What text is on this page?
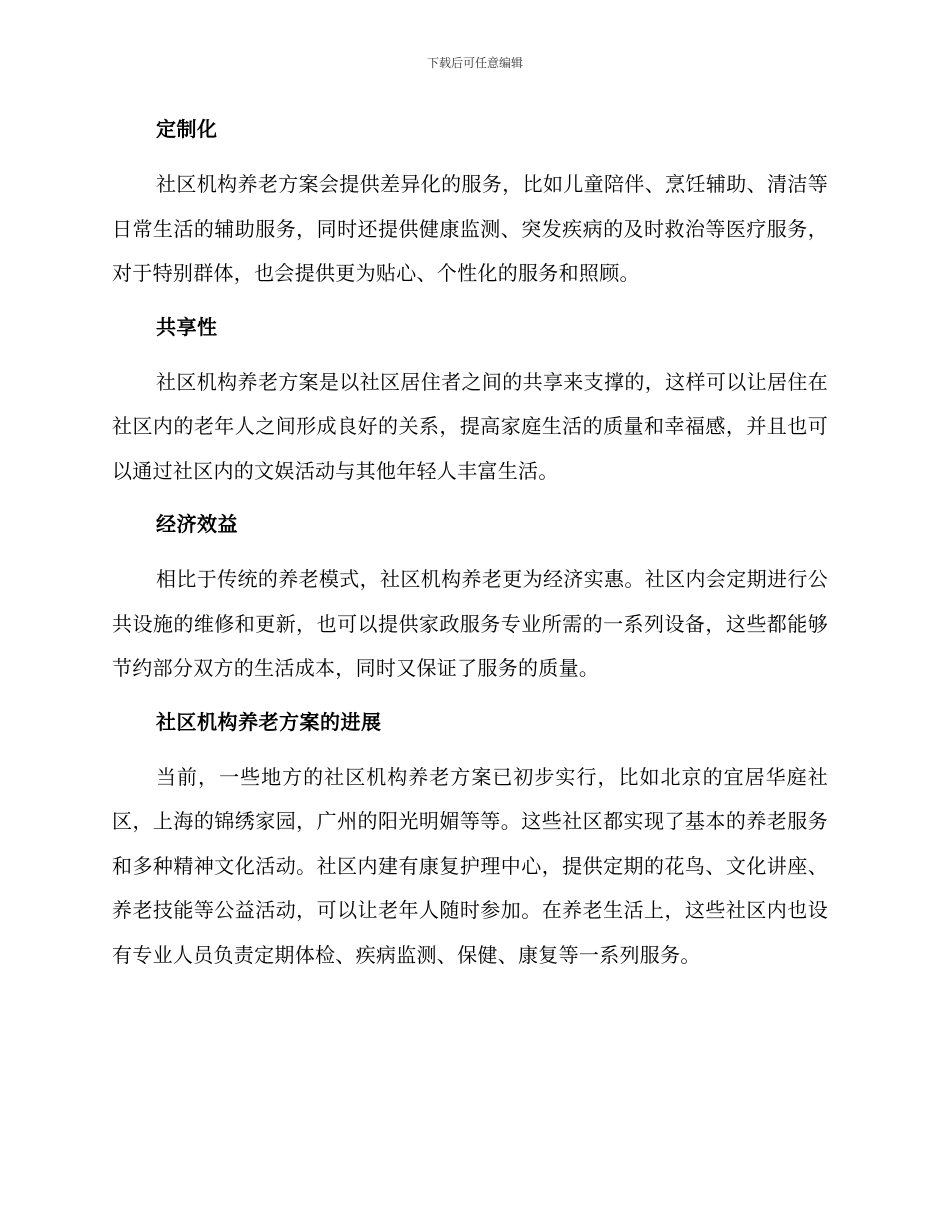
下载后可任意编辑
定制化

社区机构养老方案会提供差异化的服务，比如儿童陪伴、烹饪辅助、清洁等日常生活的辅助服务，同时还提供健康监测、突发疾病的及时救治等医疗服务，对于特别群体，也会提供更为贴心、个性化的服务和照顾。

共享性

社区机构养老方案是以社区居住者之间的共享来支撑的，这样可以让居住在社区内的老年人之间形成良好的关系，提高家庭生活的质量和幸福感，并且也可以通过社区内的文娱活动与其他年轻人丰富生活。

经济效益

相比于传统的养老模式，社区机构养老更为经济实惠。社区内会定期进行公共设施的维修和更新，也可以提供家政服务专业所需的一系列设备，这些都能够节约部分双方的生活成本，同时又保证了服务的质量。

社区机构养老方案的进展

当前，一些地方的社区机构养老方案已初步实行，比如北京的宜居华庭社区，上海的锦绣家园，广州的阳光明媚等等。这些社区都实现了基本的养老服务和多种精神文化活动。社区内建有康复护理中心，提供定期的花鸟、文化讲座、养老技能等公益活动，可以让老年人随时参加。在养老生活上，这些社区内也设有专业人员负责定期体检、疾病监测、保健、康复等一系列服务。
